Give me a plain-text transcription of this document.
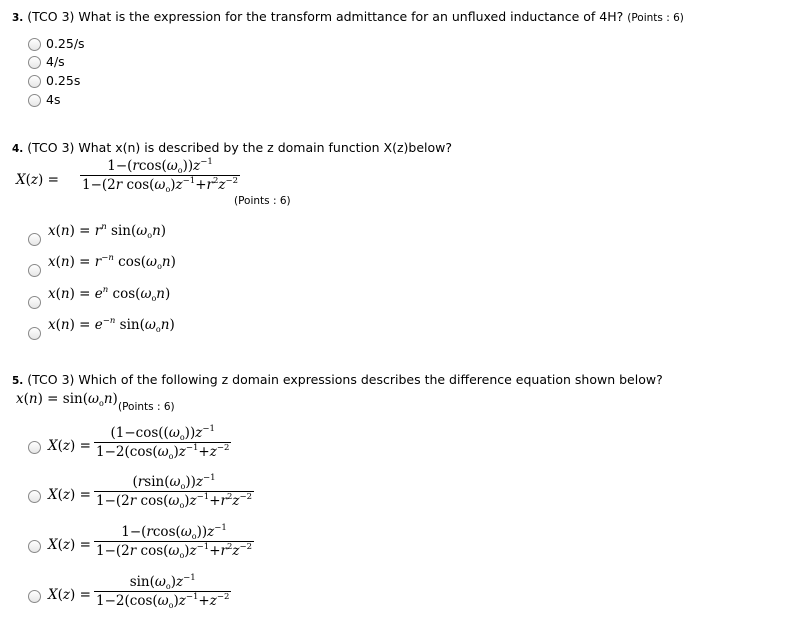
3. (TCO 3) What is the expression for the transform admittance for an unfluxed inductance of 4H? (Points : 6)
0.25/s
4/s
0.25s
4s
4. (TCO 3) What x(n) is described by the z domain function X(z)below?
X(z) =
$1-(rcos(\omega_o))z^{-1}$
1−(2r $\cos(\omega_o)z^{-1}+r^2z^{-2}$
(Points : 6)
$x(n) = r^n$ $\sin(\omega_on)$
$x(n) = r^{-n}$ $\cos(\omega_on)$
$x(n) = e^n$ $\cos(\omega_on)$
$x(n) = e^{-n}$ $\sin(\omega_on)$
5. (TCO 3) Which of the following z domain expressions describes the difference equation shown below?
$x(n) = \sin(\omega_on)$ (Points : 6)
X(z) =
($1-\cos((\omega_o))z^{-1}$
$1-2(\cos(\omega_o)z^{-1}+z^{-2}$
X(z) =
$(rsin(\omega_o))z^{-1}$
1−(2r $\cos(\omega_o)z^{-1}+r^2z^{-2}$
X(z) =
$1-(rcos(\omega_o))z^{-1}$
1−(2r $\cos(\omega_o)z^{-1}+r^2z^{-2}$
X(z) =
$\sin(\omega_o)z^{-1}$
$1-2(\cos(\omega_o)z^{-1}+z^{-2}$
